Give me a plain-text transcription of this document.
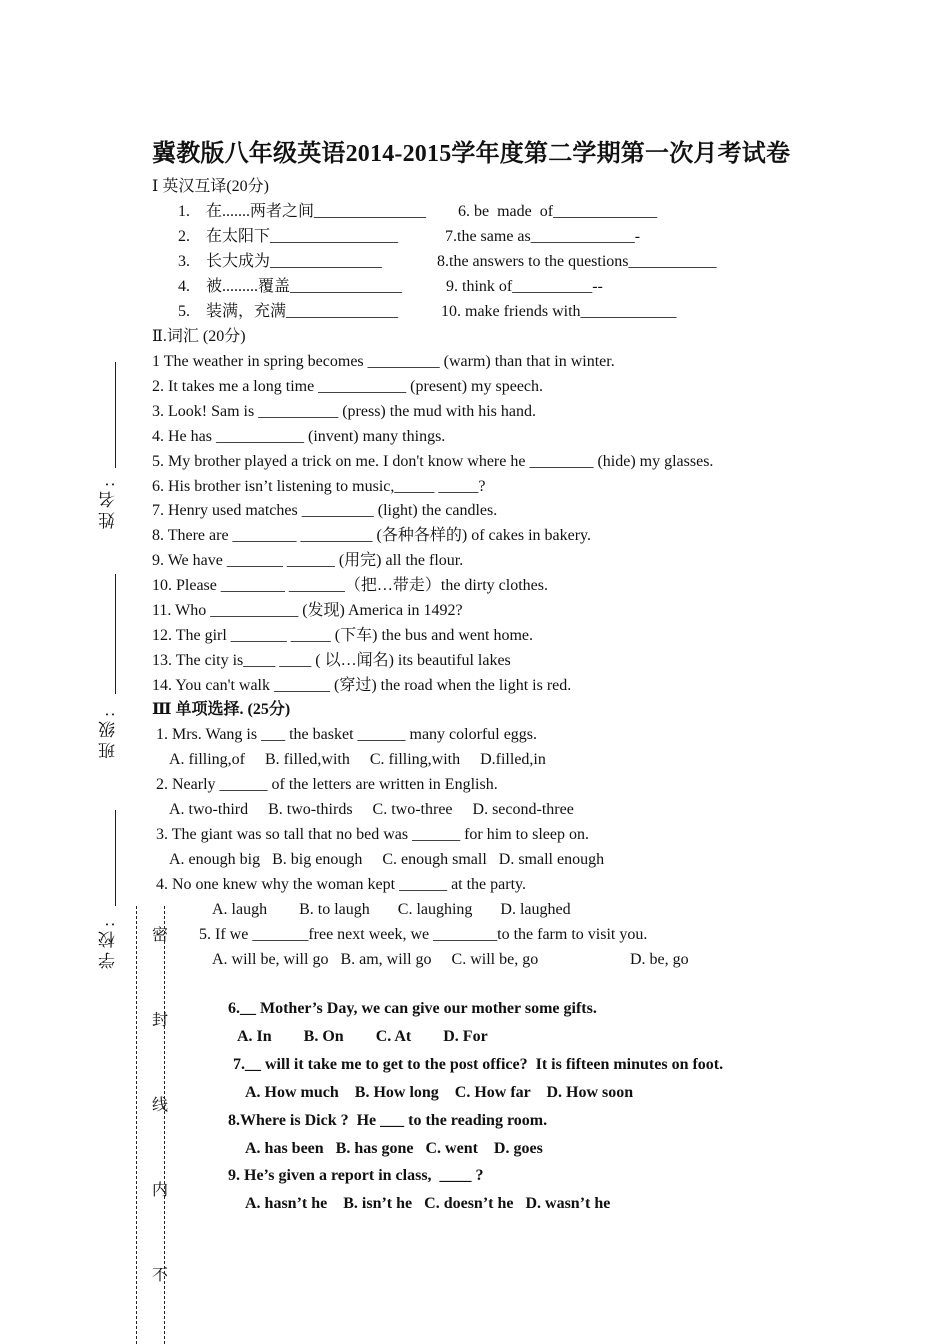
冀教版八年级英语2014-2015学年度第二学期第一次月考试卷
姓名:
班级:
学校: 密
封
线
内
不
Ⅰ 英汉互译(20分)
1.    在.......两者之间______________
2.    在太阳下________________
3.    长大成为______________
4.    被.........覆盖______________
5.    装满，充满______________
6. be  made  of_____________
7.the same as_____________-
8.the answers to the questions___________
9. think of__________--
10. make friends with____________
Ⅱ.词汇 (20分)
1 The weather in spring becomes _________ (warm) than that in winter.
2. It takes me a long time ___________ (present) my speech.
3. Look! Sam is __________ (press) the mud with his hand.
4. He has ___________ (invent) many things.
5. My brother played a trick on me. I don't know where he ________ (hide) my glasses.
6. His brother isn’t listening to music,_____ _____?
7. Henry used matches _________ (light) the candles.
8. There are ________ _________ (各种各样的) of cakes in bakery.
9. We have _______ ______ (用完) all the flour.
10. Please ________ _______（把…带走）the dirty clothes.
11. Who ___________ (发现) America in 1492?
12. The girl _______ _____ (下车) the bus and went home.
13. The city is____ ____ ( 以…闻名) its beautiful lakes
14. You can't walk _______ (穿过) the road when the light is red.
Ⅲ 单项选择. (25分)
1. Mrs. Wang is ___ the basket ______ many colorful eggs.
A. filling,of     B. filled,with     C. filling,with     D.filled,in
2. Nearly ______ of the letters are written in English.
A. two-third     B. two-thirds     C. two-three     D. second-three
3. The giant was so tall that no bed was ______ for him to sleep on.
A. enough big   B. big enough     C. enough small   D. small enough
4. No one knew why the woman kept ______ at the party.
A. laugh        B. to laugh       C. laughing       D. laughed
5. If we _______free next week, we ________to the farm to visit you.
A. will be, will go   B. am, will go     C. will be, go	D. be, go
6.__ Mother’s Day, we can give our mother some gifts.
A. In        B. On        C. At        D. For
7.__ will it take me to get to the post office?  It is fifteen minutes on foot.
A. How much    B. How long    C. How far    D. How soon
8.Where is Dick ?  He ___ to the reading room.
A. has been   B. has gone   C. went    D. goes
9. He’s given a report in class,  ____ ?
A. hasn’t he    B. isn’t he   C. doesn’t he   D. wasn’t he
